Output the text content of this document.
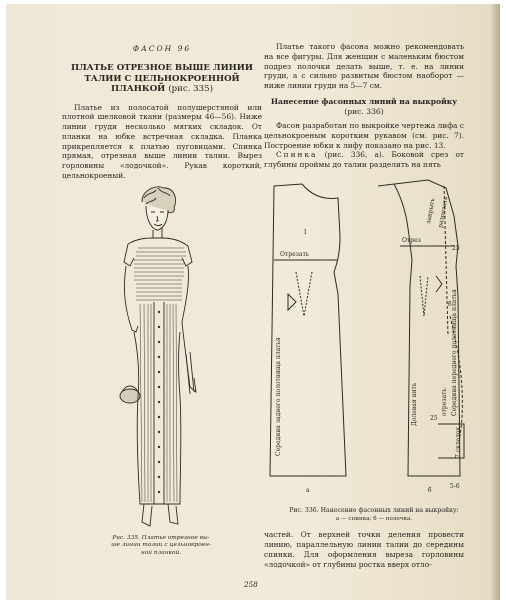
ФАСОН 96
ПЛАТЬЕ ОТРЕЗНОЕ ВЫШЕ ЛИНИИ
ТАЛИИ С ЦЕЛЬНОКРОЕННОЙ
ПЛАНКОЙ (рис. 335)

Платье из полосатой полушерстяной или плотной шелковой ткани (размеры 46—56). Ниже линии груди несколько мягких складок. От планки на юбке встречная складка. Планка прикрепляется к платью пуговицами. Спинка прямая, отрезная выше линии талии. Вырез горловины «лодочкой». Рукав короткий, цельнокроеный.

Рис. 335. Платье отрезное вы-
ше линии талии с цельнокроен-
ной планкой.

Платье такого фасона можно рекомендовать на все фигуры. Для женщин с маленьким бюстом подрез полочки делать выше, т. е. на линии груди, а с сильно развитым бюстом наоборот — ниже линии груди на 5—7 см.

Нанесение фасонных линий на выкройку
(рис. 336)

Фасон разработан по выкройке чертежа лифа с цельнокроеным коротким рукавом (см. рис. 7). Построение юбки к лифу показано на рис. 13.

Спинка (рис. 336, а). Боковой срез от глубины проймы до талии разделить на пять

I
Отрезать
Отрез
Середина заднего полотнища платья	Долевая нить
закрыть разрезать
Середина переднего полотнища платья
отрезать
7 складок
25
25
5-6
б
а	б
Рис. 336. Нанесение фасонных линий на выкройку:
а — спинка; б — полочка.

частей. От верхней точки деления провести линию, параллельную линии талии до середины спинки. Для оформления выреза горловины «лодочкой» от глубины ростка вверх отло-

258
